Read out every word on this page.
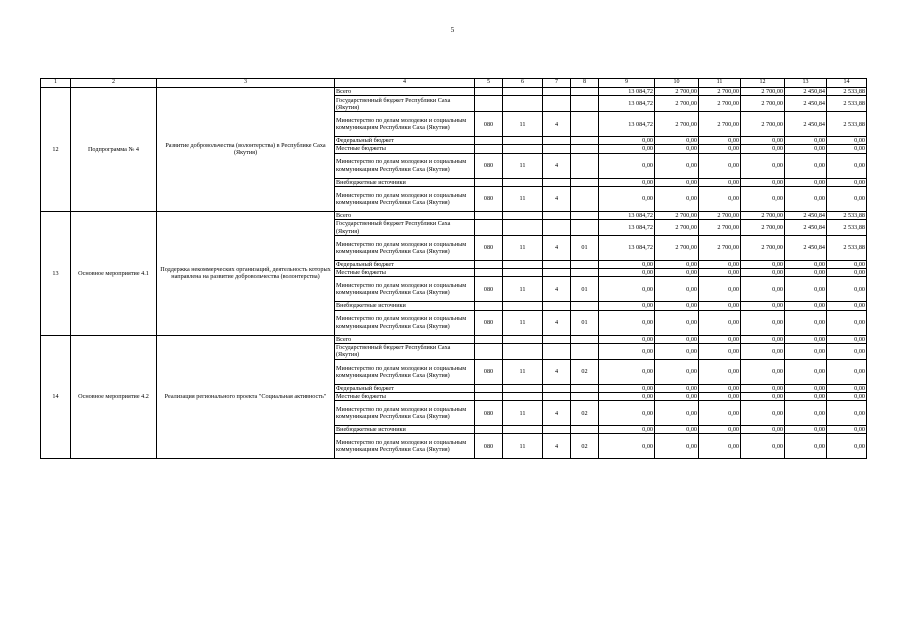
5
1	2	3	4	5	6	7	8	9	10	11	12	13	14
12	Подпрограмма № 4	Развитие добровольчества (волонтерства) в Республике Саха (Якутия)	Всего					13 084,72	2 700,00	2 700,00	2 700,00	2 450,84	2 533,88
			Государственный бюджет Республики Саха (Якутия)					13 084,72	2 700,00	2 700,00	2 700,00	2 450,84	2 533,88
			Министерство по делам молодежи и социальным коммуникациям Республики Саха (Якутия)	080	11	4		13 084,72	2 700,00	2 700,00	2 700,00	2 450,84	2 533,88
			Федеральный бюджет					0,00	0,00	0,00	0,00	0,00	0,00
			Местные бюджеты					0,00	0,00	0,00	0,00	0,00	0,00
			Министерство по делам молодежи и социальным коммуникациям Республики Саха (Якутия)	080	11	4		0,00	0,00	0,00	0,00	0,00	0,00
			Внебюджетные источники					0,00	0,00	0,00	0,00	0,00	0,00
			Министерство по делам молодежи и социальным коммуникациям Республики Саха (Якутия)	080	11	4		0,00	0,00	0,00	0,00	0,00	0,00
13	Основное мероприятие 4.1	Поддержка некоммерческих организаций, деятельность которых направлена на развитие добровольчества (волонтерства)	Всего					13 084,72	2 700,00	2 700,00	2 700,00	2 450,84	2 533,88
			Государственный бюджет Республики Саха (Якутия)					13 084,72	2 700,00	2 700,00	2 700,00	2 450,84	2 533,88
			Министерство по делам молодежи и социальным коммуникациям Республики Саха (Якутия)	080	11	4	01	13 084,72	2 700,00	2 700,00	2 700,00	2 450,84	2 533,88
			Федеральный бюджет					0,00	0,00	0,00	0,00	0,00	0,00
			Местные бюджеты					0,00	0,00	0,00	0,00	0,00	0,00
			Министерство по делам молодежи и социальным коммуникациям Республики Саха (Якутия)	080	11	4	01	0,00	0,00	0,00	0,00	0,00	0,00
			Внебюджетные источники					0,00	0,00	0,00	0,00	0,00	0,00
			Министерство по делам молодежи и социальным коммуникациям Республики Саха (Якутия)	080	11	4	01	0,00	0,00	0,00	0,00	0,00	0,00
14	Основное мероприятие 4.2	Реализация регионального проекта "Социальная активность"	Всего					0,00	0,00	0,00	0,00	0,00	0,00
			Государственный бюджет Республики Саха (Якутия)					0,00	0,00	0,00	0,00	0,00	0,00
			Министерство по делам молодежи и социальным коммуникациям Республики Саха (Якутия)	080	11	4	02	0,00	0,00	0,00	0,00	0,00	0,00
			Федеральный бюджет					0,00	0,00	0,00	0,00	0,00	0,00
			Местные бюджеты					0,00	0,00	0,00	0,00	0,00	0,00
			Министерство по делам молодежи и социальным коммуникациям Республики Саха (Якутия)	080	11	4	02	0,00	0,00	0,00	0,00	0,00	0,00
			Внебюджетные источники					0,00	0,00	0,00	0,00	0,00	0,00
			Министерство по делам молодежи и социальным коммуникациям Республики Саха (Якутия)	080	11	4	02	0,00	0,00	0,00	0,00	0,00	0,00
